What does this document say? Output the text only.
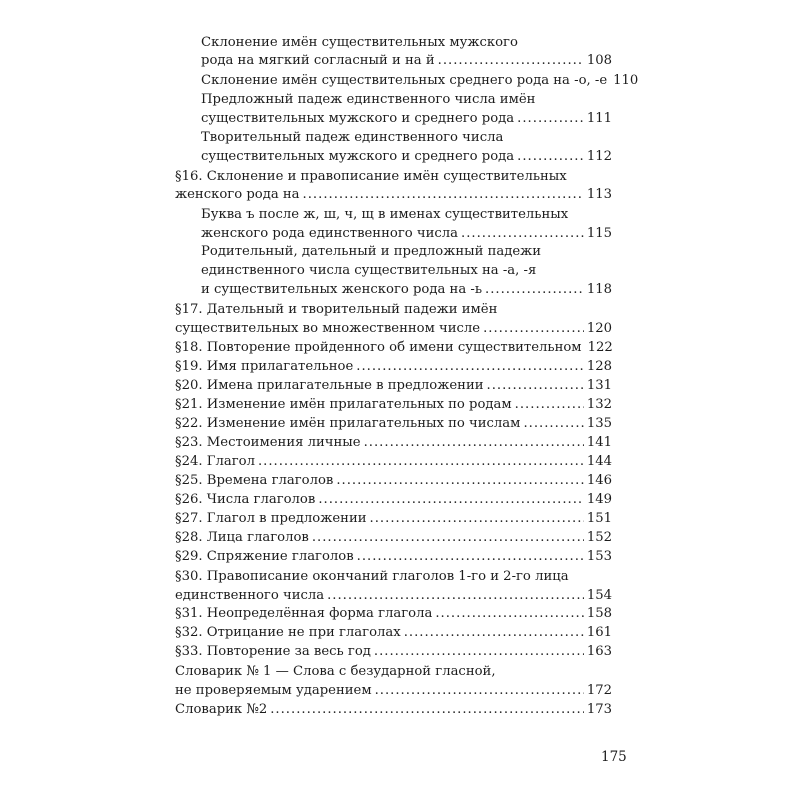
Склонение имён существительных мужского
рода на мягкий согласный и на й .....	108
Склонение имён существительных среднего рода на -о, -е 110
Предложный падеж единственного числа имён
существительных мужского и среднего рода .....	111
Творительный падеж единственного числа
существительных мужского и среднего рода .....	112
§16. Склонение и правописание имён существительных
женского рода на .....	113
Буква ъ после ж, ш, ч, щ в именах существительных
женского рода единственного числа .....	115
Родительный, дательный и предложный падежи
единственного числа существительных на -а, -я
и существительных женского рода на -ь .....	118
§17. Дательный и творительный падежи имён
существительных во множественном числе .....	120
§18. Повторение пройденного об имени существительном 122
§19. Имя прилагательное .....	128
§20. Имена прилагательные в предложении .....	131
§21. Изменение имён прилагательных по родам .....	132
§22. Изменение имён прилагательных по числам .....	135
§23. Местоимения личные .....	141
§24. Глагол .....	144
§25. Времена глаголов .....	146
§26. Числа глаголов .....	149
§27. Глагол в предложении .....	151
§28. Лица глаголов .....	152
§29. Спряжение глаголов .....	153
§30. Правописание окончаний глаголов 1-го и 2-го лица
единственного числа .....	154
§31. Неопределённая форма глагола .....	158
§32. Отрицание не при глаголах .....	161
§33. Повторение за весь год .....	163
Словарик № 1 — Слова с безударной гласной,
не проверяемым ударением .....	172
Словарик №2 .....	173
175
